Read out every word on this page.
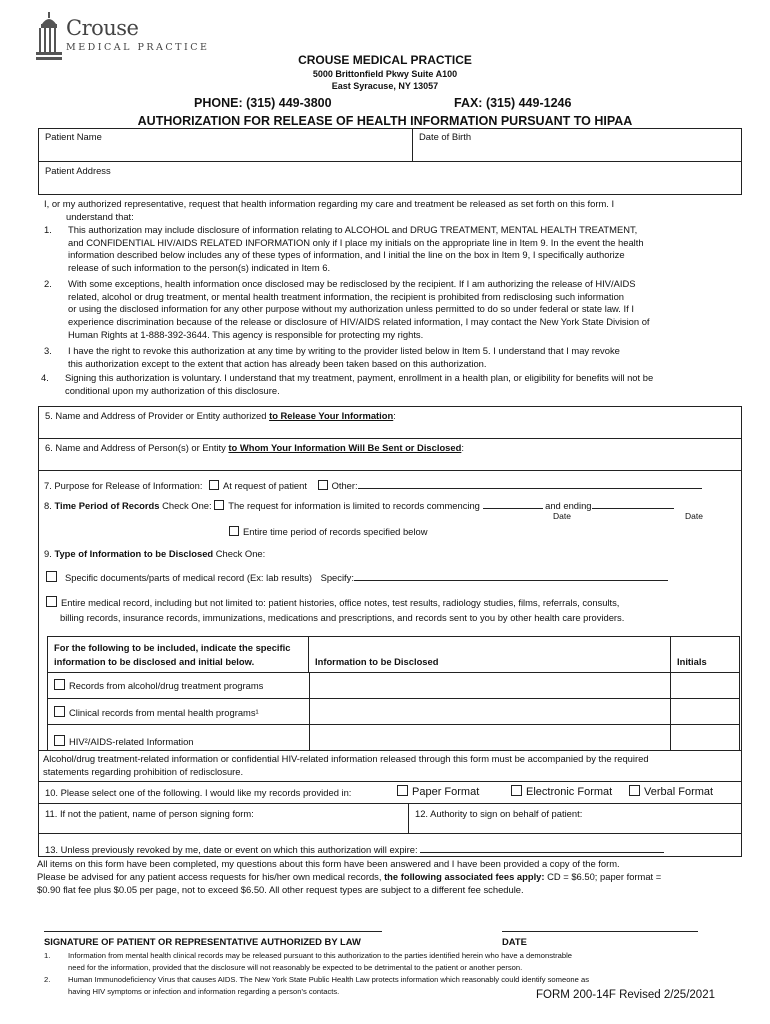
Crouse
MEDICAL PRACTICE
CROUSE MEDICAL PRACTICE
5000 Brittonfield Pkwy Suite A100
East Syracuse, NY 13057
PHONE: (315) 449-3800	FAX: (315) 449-1246
AUTHORIZATION FOR RELEASE OF HEALTH INFORMATION PURSUANT TO HIPAA
Patient Name	Date of Birth
Patient Address
I, or my authorized representative, request that health information regarding my care and treatment be released as set forth on this form. I
understand that:
1.	This authorization may include disclosure of information relating to ALCOHOL and DRUG TREATMENT, MENTAL HEALTH TREATMENT,
and CONFIDENTIAL HIV/AIDS RELATED INFORMATION only if I place my initials on the appropriate line in Item 9. In the event the health
information described below includes any of these types of information, and I initial the line on the box in Item 9, I specifically authorize
release of such information to the person(s) indicated in Item 6.
2.	With some exceptions, health information once disclosed may be redisclosed by the recipient. If I am authorizing the release of HIV/AIDS
related, alcohol or drug treatment, or mental health treatment information, the recipient is prohibited from redisclosing such information
or using the disclosed information for any other purpose without my authorization unless permitted to do so under federal or state law. If I
experience discrimination because of the release or disclosure of HIV/AIDS related information, I may contact the New York State Division of
Human Rights at 1-888-392-3644. This agency is responsible for protecting my rights.
3.	I have the right to revoke this authorization at any time by writing to the provider listed below in Item 5. I understand that I may revoke
this authorization except to the extent that action has already been taken based on this authorization.
4.	Signing this authorization is voluntary. I understand that my treatment, payment, enrollment in a health plan, or eligibility for benefits will not be
conditional upon my authorization of this disclosure.
5. Name and Address of Provider or Entity authorized to Release Your Information:
6. Name and Address of Person(s) or Entity to Whom Your Information Will Be Sent or Disclosed:
7. Purpose for Release of Information: At request of patient	Other:
8. Time Period of Records Check One: The request for information is limited to records commencing	and ending
Date	Date
Entire time period of records specified below
9. Type of Information to be Disclosed Check One:
Specific documents/parts of medical record (Ex: lab results) Specify:
Entire medical record, including but not limited to: patient histories, office notes, test results, radiology studies, films, referrals, consults,
billing records, insurance records, immunizations, medications and prescriptions, and records sent to you by other health care providers.
For the following to be included, indicate the specific
information to be disclosed and initial below.	Information to be Disclosed	Initials
Records from alcohol/drug treatment programs
Clinical records from mental health programs¹
HIV²/AIDS-related Information
Alcohol/drug treatment-related information or confidential HIV-related information released through this form must be accompanied by the required
statements regarding prohibition of redisclosure.
10. Please select one of the following. I would like my records provided in:	Paper Format	Electronic Format	Verbal Format
11. If not the patient, name of person signing form:	12. Authority to sign on behalf of patient:
13. Unless previously revoked by me, date or event on which this authorization will expire:
All items on this form have been completed, my questions about this form have been answered and I have been provided a copy of the form.
Please be advised for any patient access requests for his/her own medical records, the following associated fees apply: CD = $6.50; paper format =
$0.90 flat fee plus $0.05 per page, not to exceed $6.50. All other request types are subject to a different fee schedule.
SIGNATURE OF PATIENT OR REPRESENTATIVE AUTHORIZED BY LAW	DATE
1. Information from mental health clinical records may be released pursuant to this authorization to the parties identified herein who have a demonstrable
need for the information, provided that the disclosure will not reasonably be expected to be detrimental to the patient or another person.
2. Human Immunodeficiency Virus that causes AIDS. The New York State Public Health Law protects information which reasonably could identify someone as
having HIV symptoms or infection and information regarding a person’s contacts.	FORM 200-14F Revised 2/25/2021
